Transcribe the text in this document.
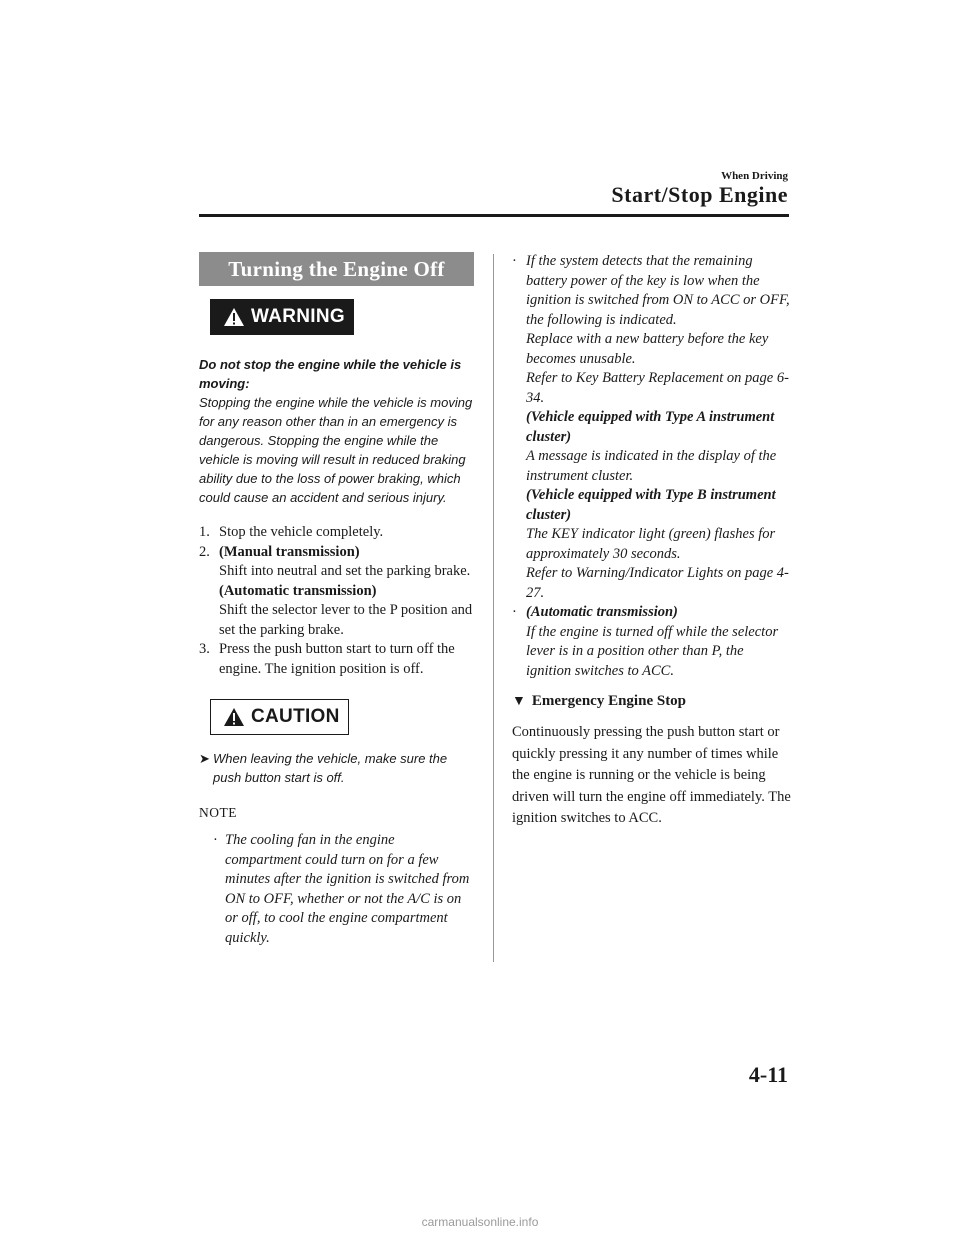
When Driving
Start/Stop Engine
Turning the Engine Off
WARNING
Do not stop the engine while the vehicle is moving:
Stopping the engine while the vehicle is moving for any reason other than in an emergency is dangerous. Stopping the engine while the vehicle is moving will result in reduced braking ability due to the loss of power braking, which could cause an accident and serious injury.
1. Stop the vehicle completely.
2. (Manual transmission)
Shift into neutral and set the parking brake.
(Automatic transmission)
Shift the selector lever to the P position and set the parking brake.
3. Press the push button start to turn off the engine. The ignition position is off.
CAUTION
➤ When leaving the vehicle, make sure the push button start is off.
NOTE
· The cooling fan in the engine compartment could turn on for a few minutes after the ignition is switched from ON to OFF, whether or not the A/C is on or off, to cool the engine compartment quickly.
· If the system detects that the remaining battery power of the key is low when the ignition is switched from ON to ACC or OFF, the following is indicated.
Replace with a new battery before the key becomes unusable.
Refer to Key Battery Replacement on page 6-34.
(Vehicle equipped with Type A instrument cluster)
A message is indicated in the display of the instrument cluster.
(Vehicle equipped with Type B instrument cluster)
The KEY indicator light (green) flashes for approximately 30 seconds.
Refer to Warning/Indicator Lights on page 4-27.
· (Automatic transmission)
If the engine is turned off while the selector lever is in a position other than P, the ignition switches to ACC.
▼ Emergency Engine Stop
Continuously pressing the push button start or quickly pressing it any number of times while the engine is running or the vehicle is being driven will turn the engine off immediately. The ignition switches to ACC.
4-11
carmanualsonline.info
